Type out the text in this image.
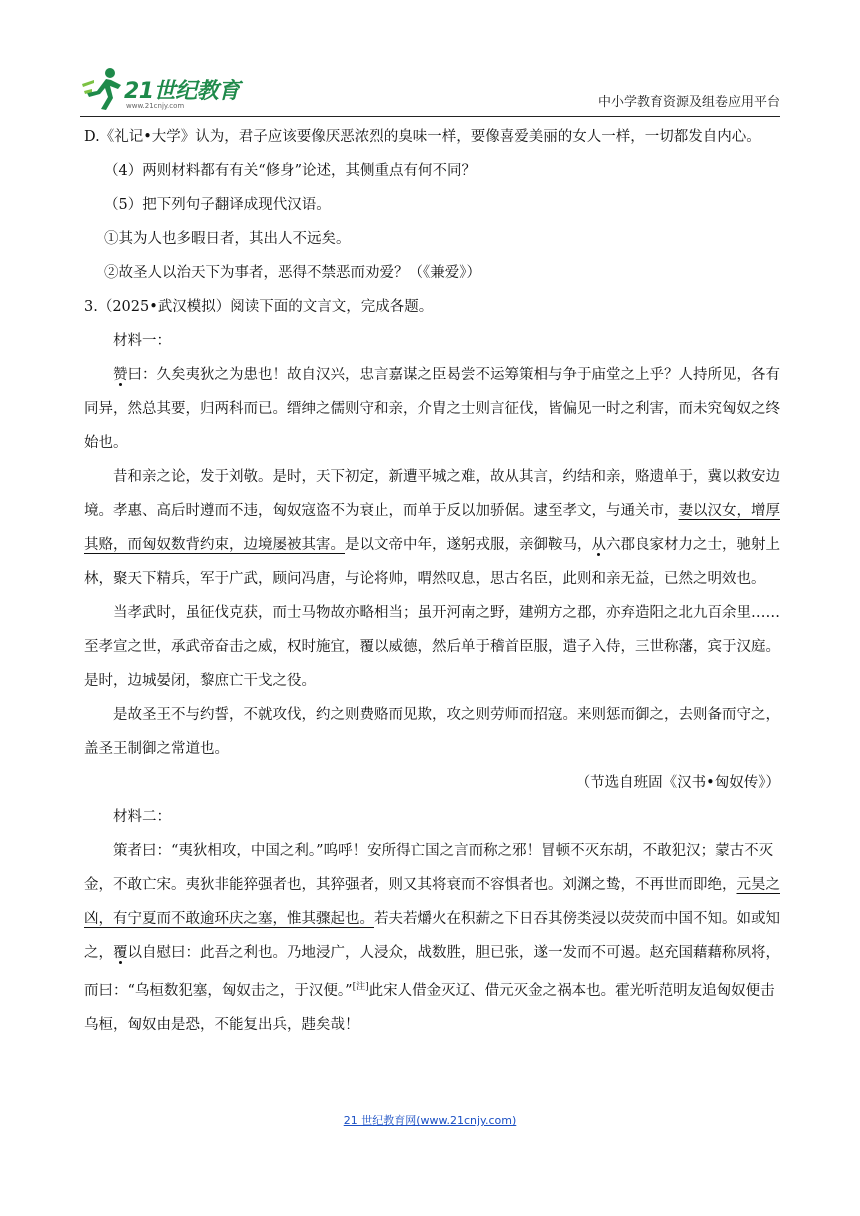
21世纪教育
www.21cnjy.com	中小学教育资源及组卷应用平台

D.《礼记•大学》认为，君子应该要像厌恶浓烈的臭味一样，要像喜爱美丽的女人一样，一切都发自内心。

（4）两则材料都有有关“修身”论述，其侧重点有何不同？

（5）把下列句子翻译成现代汉语。

①其为人也多暇日者，其出人不远矣。

②故圣人以治天下为事者，恶得不禁恶而劝爱？（《兼爱》）

3.（2025•武汉模拟）阅读下面的文言文，完成各题。

材料一：

赞曰：久矣夷狄之为患也！故自汉兴，忠言嘉谋之臣曷尝不运筹策相与争于庙堂之上乎？人持所见，各有同异，然总其要，归两科而已。缙绅之儒则守和亲，介胄之士则言征伐，皆偏见一时之利害，而未究匈奴之终始也。

昔和亲之论，发于刘敬。是时，天下初定，新遭平城之难，故从其言，约结和亲，赂遗单于，冀以救安边境。孝惠、高后时遵而不违，匈奴寇盗不为衰止，而单于反以加骄倨。逮至孝文，与通关市，妻以汉女，增厚其赂，而匈奴数背约束，边境屡被其害。是以文帝中年，遂躬戎服，亲御鞍马，从六郡良家材力之士，驰射上林，聚天下精兵，军于广武，顾问冯唐，与论将帅，喟然叹息，思古名臣，此则和亲无益，已然之明效也。

当孝武时，虽征伐克获，而士马物故亦略相当；虽开河南之野，建朔方之郡，亦弃造阳之北九百余里……至孝宣之世，承武帝奋击之威，权时施宜，覆以威德，然后单于稽首臣服，遣子入侍，三世称藩，宾于汉庭。是时，边城晏闭，黎庶亡干戈之役。

是故圣王不与约誓，不就攻伐，约之则费赂而见欺，攻之则劳师而招寇。来则惩而御之，去则备而守之，盖圣王制御之常道也。

（节选自班固《汉书•匈奴传》）

材料二：

策者曰：“夷狄相攻，中国之利。”呜呼！安所得亡国之言而称之邪！冒顿不灭东胡，不敢犯汉；蒙古不灭金，不敢亡宋。夷狄非能猝强者也，其猝强者，则又其将衰而不容惧者也。刘渊之鸷，不再世而即绝，元昊之凶，有宁夏而不敢逾环庆之塞，惟其骤起也。若夫若爝火在积薪之下日吞其傍类浸以荧荧而中国不知。如或知之，覆以自慰曰：此吾之利也。乃地浸广，人浸众，战数胜，胆已张，遂一发而不可遏。赵充国藉藉称夙将，而曰：“乌桓数犯塞，匈奴击之，于汉便。”[注]此宋人借金灭辽、借元灭金之祸本也。霍光听范明友追匈奴便击乌桓，匈奴由是恐，不能复出兵，韪矣哉！

21 世纪教育网(www.21cnjy.com)
